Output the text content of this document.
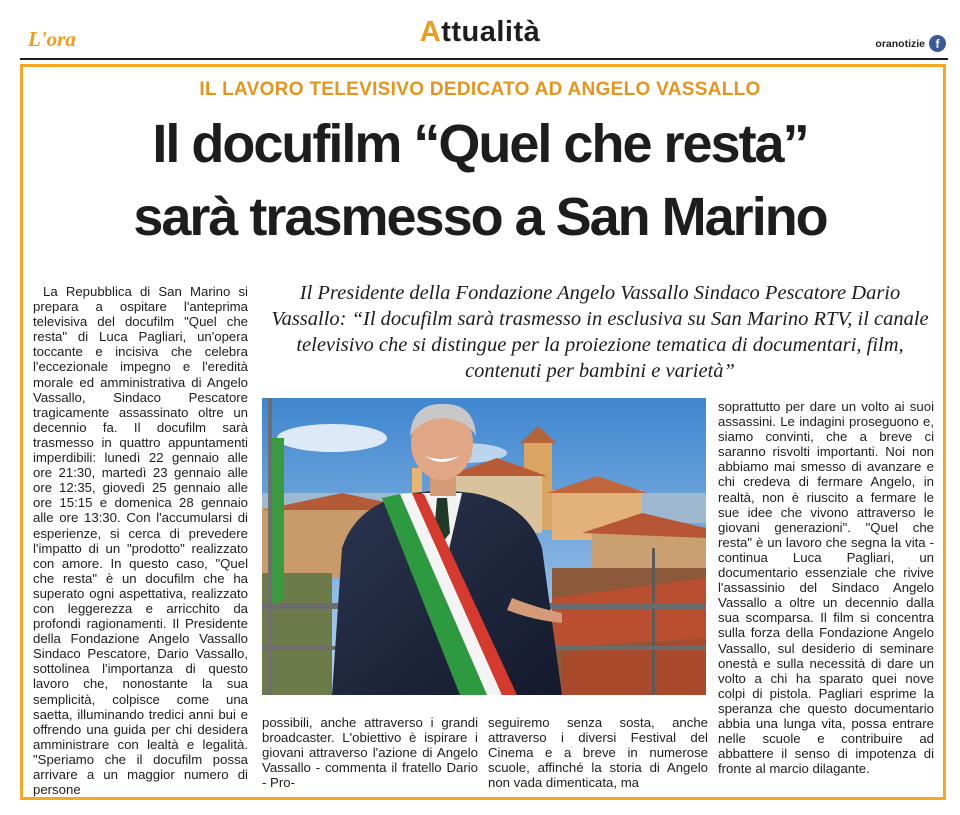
L'ora	Attualità	oranotizie f
IL LAVORO TELEVISIVO DEDICATO AD ANGELO VASSALLO
Il docufilm “Quel che resta”
sarà trasmesso a San Marino
Il Presidente della Fondazione Angelo Vassallo Sindaco Pescatore Dario Vassallo: “Il docufilm sarà trasmesso in esclusiva su San Marino RTV, il canale televisivo che si distingue per la proiezione tematica di documentari, film, contenuti per bambini e varietà”

La Repubblica di San Marino si prepara a ospitare l'anteprima televisiva del docufilm "Quel che resta" di Luca Pagliari, un'opera toccante e incisiva che celebra l'eccezionale impegno e l'eredità morale ed amministrativa di Angelo Vassallo, Sindaco Pescatore tragicamente assassinato oltre un decennio fa. Il docufilm sarà trasmesso in quattro appuntamenti imperdibili: lunedì 22 gennaio alle ore 21:30, martedì 23 gennaio alle ore 12:35, giovedì 25 gennaio alle ore 15:15 e domenica 28 gennaio alle ore 13:30. Con l'accumularsi di esperienze, si cerca di prevedere l'impatto di un "prodotto" realizzato con amore. In questo caso, "Quel che resta" è un docufilm che ha superato ogni aspettativa, realizzato con leggerezza e arricchito da profondi ragionamenti. Il Presidente della Fondazione Angelo Vassallo Sindaco Pescatore, Dario Vassallo, sottolinea l'importanza di questo lavoro che, nonostante la sua semplicità, colpisce come una saetta, illuminando tredici anni bui e offrendo una guida per chi desidera amministrare con lealtà e legalità. "Speriamo che il docufilm possa arrivare a un maggior numero di persone

possibili, anche attraverso i grandi broadcaster. L'obiettivo è ispirare i giovani attraverso l'azione di Angelo Vassallo - commenta il fratello Dario - Pro-

seguiremo senza sosta, anche attraverso i diversi Festival del Cinema e a breve in numerose scuole, affinché la storia di Angelo non vada dimenticata, ma

soprattutto per dare un volto ai suoi assassini. Le indagini proseguono e, siamo convinti, che a breve ci saranno risvolti importanti. Noi non abbiamo mai smesso di avanzare e chi credeva di fermare Angelo, in realtà, non è riuscito a fermare le sue idee che vivono attraverso le giovani generazioni". "Quel che resta" è un lavoro che segna la vita - continua Luca Pagliari, un documentario essenziale che rivive l'assassinio del Sindaco Angelo Vassallo a oltre un decennio dalla sua scomparsa. Il film si concentra sulla forza della Fondazione Angelo Vassallo, sul desiderio di seminare onestà e sulla necessità di dare un volto a chi ha sparato quei nove colpi di pistola. Pagliari esprime la speranza che questo documentario abbia una lunga vita, possa entrare nelle scuole e contribuire ad abbattere il senso di impotenza di fronte al marcio dilagante.
